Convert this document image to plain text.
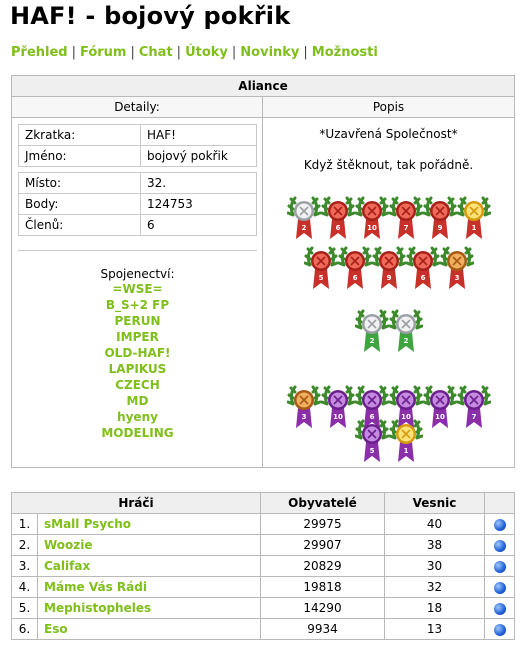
HAF! - bojový pokřik
Přehled | Fórum | Chat | Útoky | Novinky | Možnosti
Aliance
Detaily:	Popis
Zkratka:	HAF!
Jméno:	bojový pokřik
Místo:	32.
Body:	124753
Členů:	6
Spojenectví:
=WSE=
B_S+2 FP
PERUN
IMPER
OLD-HAF!
LAPIKUS
CZECH
MD
hyeny
MODELING
*Uzavřená Společnost*
Když štěknout, tak pořádně.
2	6	10	7	9	1
5	6	9	6	3
2	2
3	10	6	10	10	7
5	1
Hráči		Obyvatelé	Vesnic	
1.	sMall Psycho	29975	40	
2.	Woozie	29907	38	
3.	Califax	20829	30	
4.	Máme Vás Rádi	19818	32	
5.	Mephistopheles	14290	18	
6.	Eso	9934	13	
